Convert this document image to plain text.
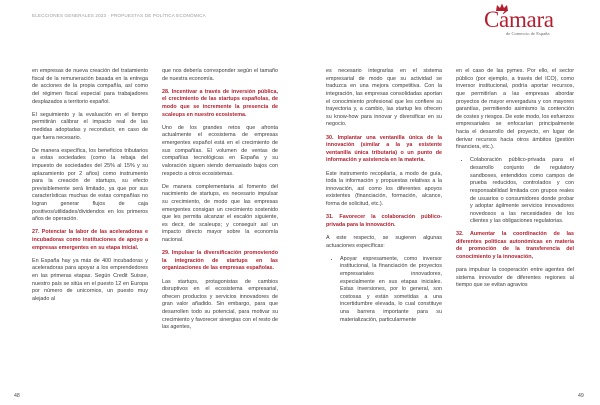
ELECCIONES GENERALES 2023 · PROPUESTAS DE POLÍTICA ECONÓMICA	Cámara
de Comercio de España

en empresas de nueva creación del tratamiento fiscal de la remuneración basada en la entrega de acciones de la propia compañía, así como del régimen fiscal especial para trabajadores desplazados a territorio español.

El seguimiento y la evaluación en el tiempo permitirán calibrar el impacto real de las medidas adoptadas y reconducir, en caso de que fuera necesario.

De manera específica, los beneficios tributarios a estas sociedades (como la rebaja del impuesto de sociedades del 25% al 15% y su aplazamiento por 2 años) como instrumento para la creación de startups, su efecto previsiblemente será limitado, ya que por sus características muchas de estas compañías no logran generar flujos de caja positivos/utilidades/dividendos en los primeros años de operación.

27. Potenciar la labor de las aceleradoras e incubadoras como instituciones de apoyo a empresas emergentes en su etapa inicial.

En España hay ya más de 400 incubadoras y aceleradoras para apoyar a los emprendedores en las primeras etapas. Según Credit Suisse, nuestro país se sitúa en el puesto 12 en Europa por número de unicornios, un puesto muy alejado al

que nos debería corresponder según el tamaño de nuestra economía.

28. Incentivar a través de inversión pública, el crecimiento de las startups españolas, de modo que se incremente la presencia de scaleups en nuestro ecosistema.

Uno de los grandes retos que afronta actualmente el ecosistema de empresas emergentes español está en el crecimiento de sus compañías. El volumen de ventas de compañías tecnológicas en España y su valoración siguen siendo demasiado bajos con respecto a otros ecosistemas.

De manera complementaria al fomento del nacimiento de startups, es necesario impulsar su crecimiento, de modo que las empresas emergentes consigan un crecimiento sostenido que les permita alcanzar el escalón siguiente, es decir, de scaleups; y conseguir así un impacto directo mayor sobre la economía nacional.

29. Impulsar la diversificación promoviendo la integración de startups en las organizaciones de las empresas españolas.

Las startups, protagonistas de cambios disruptivos en el ecosistema empresarial, ofrecen productos y servicios innovadores de gran valor añadido. Sin embargo, para que desarrollen todo su potencial, para motivar su crecimiento y favorecer sinergias con el resto de las agentes,

es necesario integrarlas en el sistema empresarial de modo que su actividad se traduzca en una mejora competitiva. Con la integración, las empresas consolidadas aportan el conocimiento profesional que les confiere su trayectoria y, a cambio, las startup les ofrecen su know-how para innovar y diversificar en su negocio.

30. Implantar una ventanilla única de la innovación (similar a la ya existente ventanilla única tributaria) o un punto de información y asistencia en la materia.

Este instrumento recopilaría, a modo de guía, toda la información y propuestas relativas a la innovación, así como los diferentes apoyos existentes (financiación, formación, alcance, forma de solicitud, etc.).

31. Favorecer la colaboración público-privada para la innovación.

A este respecto, se sugieren algunas actuaciones específicas:

• Apoyar expresamente, como inversor institucional, la financiación de proyectos empresariales innovadores, especialmente en sus etapas iniciales. Estas inversiones, por lo general, son costosas y están sometidas a una incertidumbre elevada, lo cual constituye una barrera importante para su materialización, particularmente

en el caso de las pymes. Por ello, el sector público (por ejemplo, a través del ICO), como inversor institucional, podría aportar recursos, que permitirían a las empresas abordar proyectos de mayor envergadura y con mayores garantías, permitiendo asimismo la contención de costes y riesgos. De este modo, los esfuerzos empresariales se enfocarían principalmente hacia el desarrollo del proyecto, en lugar de derivar recursos hacia otros ámbitos (gestión financiera, etc.).

• Colaboración público-privada para el desarrollo conjunto de regulatory sandboxes, entendidos como campos de prueba reducidos, controlados y con responsabilidad limitada con grupos reales de usuarios o consumidores donde probar y adoptar ágilmente servicios innovadores novedosos a las necesidades de los clientes y las obligaciones regulatorias.

32. Aumentar la coordinación de las diferentes políticas autonómicas en materia de promoción de la transferencia del conocimiento y la innovación,

para impulsar la cooperación entre agentes del sistema innovador de diferentes regiones al tiempo que se evitan agravios

48	49
